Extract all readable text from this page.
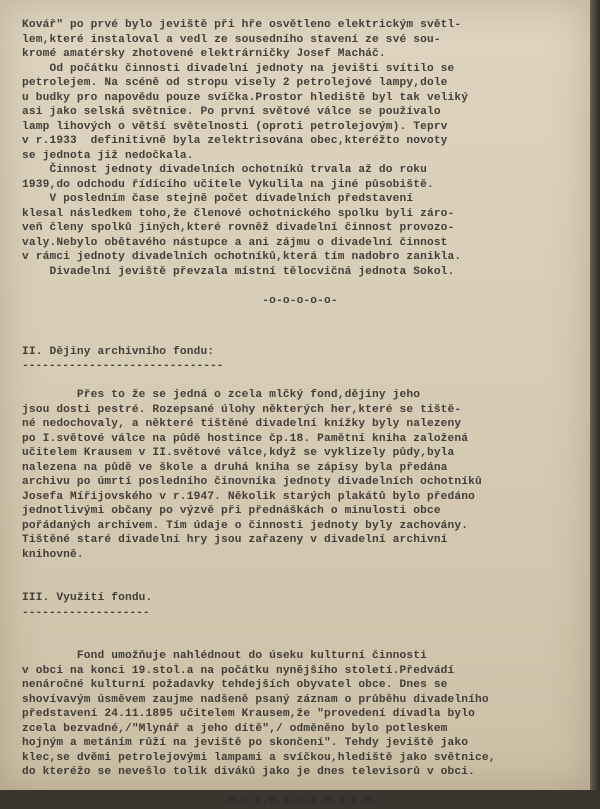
Kovář" po prvé bylo jeviště při hře osvětleno elektrickým světl-
lem,které instaloval a vedl ze sousedního stavení ze své sou-
kromé amatérsky zhotovené elektrárničky Josef Macháč.
Od počátku činnosti divadelní jednoty na jevišti svítilo se
petrolejem. Na scéně od stropu visely 2 petrolejové lampy,dole
u budky pro napovědu pouze svíčka.Prostor hlediště byl tak veliký
asi jako selská světnice. Po první světové válce se používalo
lamp lihových o větší světelnosti (oproti petrolejovým). Teprv
v r.1933  definitivně byla zelektrisována obec,kteréžto novoty
se jednota již nedočkala.
Činnost jednoty divadelních ochotníků trvala až do roku
1939,do odchodu řídícího učitele Vykulila na jiné působiště.
V posledním čase stejně počet divadelních představení
klesal následkem toho,že členové ochotnického spolku byli záro-
veň členy spolků jiných,které rovněž divadelní činnost provozo-
valy.Nebylo obětavého nástupce a ani zájmu o divadelní činnost
v rámci jednoty divadelních ochotníků,která tím nadobro zanikla.
Divadelní jeviště převzala místní tělocvičná jednota Sokol.
-o-o-o-o-o-
II. Dějiny archivního fondu:
------------------------------
Přes to že se jedná o zcela mlčký fond,dějiny jeho
jsou dosti pestré. Rozepsané úlohy některých her,které se tiště-
né nedochovaly, a některé tištěné divadelní knížky byly nalezeny
po I.světové válce na půdě hostince čp.18. Pamětní kniha založená
učitelem Krausem v II.světové válce,když se vyklízely půdy,byla
nalezena na půdě ve škole a druhá kniha se zápisy byla předána
archivu po úmrtí posledního činovníka jednoty divadelních ochotníků
Josefa Mířijovského v r.1947. Několik starých plakátů bylo předáno
jednotlivými občany po výzvě při přednáškách o minulosti obce
pořádaných archivem. Tím údaje o činnosti jednoty byly zachovány.
Tištěné staré divadelní hry jsou zařazeny v divadelní archivní
knihovně.
III. Využití fondu.
-------------------
Fond umožňuje nahlédnout do úseku kulturní činnosti
v obci na konci 19.stol.a na počátku nynějšího století.Předvádí
nenáročné kulturní požadavky tehdejších obyvatel obce. Dnes se
shovívavým úsměvem zaujme nadšeně psaný záznam o průběhu divadelního
představení 24.11.1895 učitelem Krausem,že "provedení divadla bylo
zcela bezvadné,/"Mlynář a jeho dítě",/ odměněno bylo potleskem
hojným a metáním růží na jeviště po skončení". Tehdy jeviště jako
klec,se dvěmi petrolejovými lampami a svíčkou,hlediště jako světnice,
do kteréžo se nevešlo tolik diváků jako je dnes televisorů v obci.
.o.o.o.o.o.o.o.o.o.o.o.
